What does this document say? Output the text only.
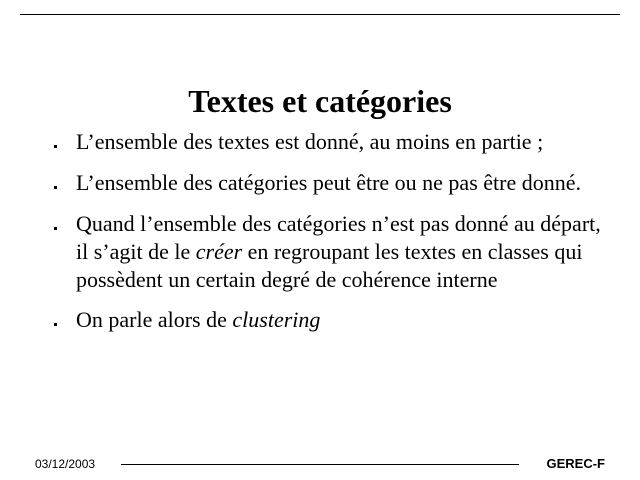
Textes et catégories
L’ensemble des textes est donné, au moins en partie ;
L’ensemble des catégories peut être ou ne pas être donné.
Quand l’ensemble des catégories n’est pas donné au départ, il s’agit de le créer en regroupant les textes en classes qui possèdent un certain degré de cohérence interne
On parle alors de clustering
03/12/2003	GEREC-F
